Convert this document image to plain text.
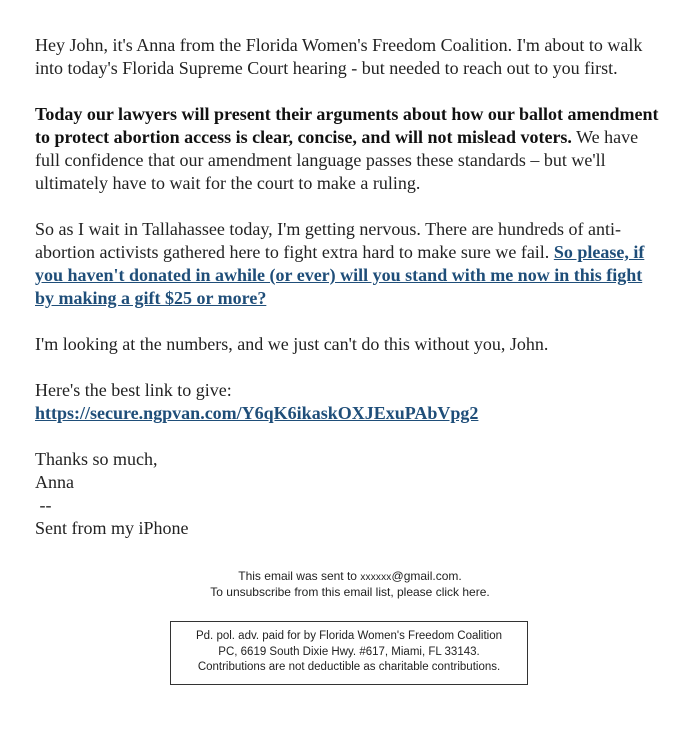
Hey John, it's Anna from the Florida Women's Freedom Coalition. I'm about to walk into today's Florida Supreme Court hearing - but needed to reach out to you first.

Today our lawyers will present their arguments about how our ballot amendment to protect abortion access is clear, concise, and will not mislead voters. We have full confidence that our amendment language passes these standards – but we'll ultimately have to wait for the court to make a ruling.

So as I wait in Tallahassee today, I'm getting nervous. There are hundreds of anti-abortion activists gathered here to fight extra hard to make sure we fail. So please, if you haven't donated in awhile (or ever) will you stand with me now in this fight by making a gift $25 or more?

I'm looking at the numbers, and we just can't do this without you, John.

Here's the best link to give:
https://secure.ngpvan.com/Y6qK6ikaskOXJExuPAbVpg2

Thanks so much,
Anna
--
Sent from my iPhone

This email was sent to xxxxxx@gmail.com.
To unsubscribe from this email list, please click here.
Pd. pol. adv. paid for by Florida Women's Freedom Coalition
PC, 6619 South Dixie Hwy. #617, Miami, FL 33143.
Contributions are not deductible as charitable contributions.
